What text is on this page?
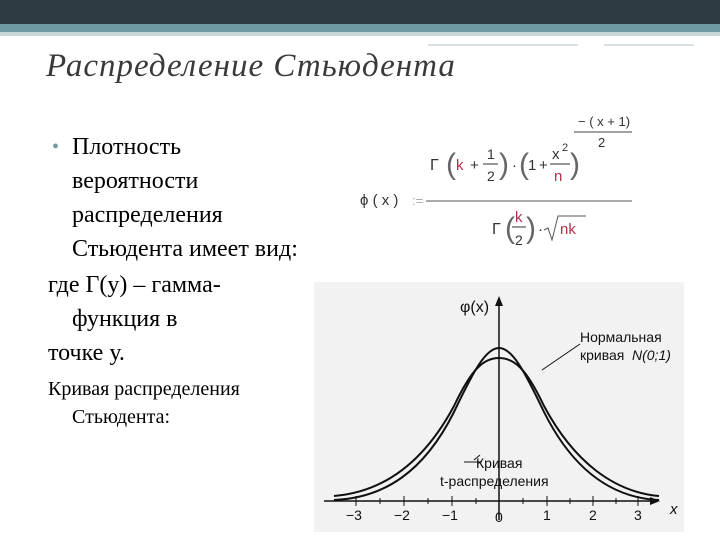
Распределение Стьюдента
• Плотность
вероятности
распределения
Стьюдента имеет вид:
где Г(у) – гамма-
функция в
точке у.
Кривая распределения
Стьюдента:
− ( x + 1)
2
ϕ ( x ) :=
Γ ( k +
1
2 ) · ( 1 +
x 2
n )
Γ ( k
2 ) · nk
φ(x)
x
−3 −2 −1	0	1	2	3
Нормальная
кривая N(0;1)
Кривая
t-распределения
